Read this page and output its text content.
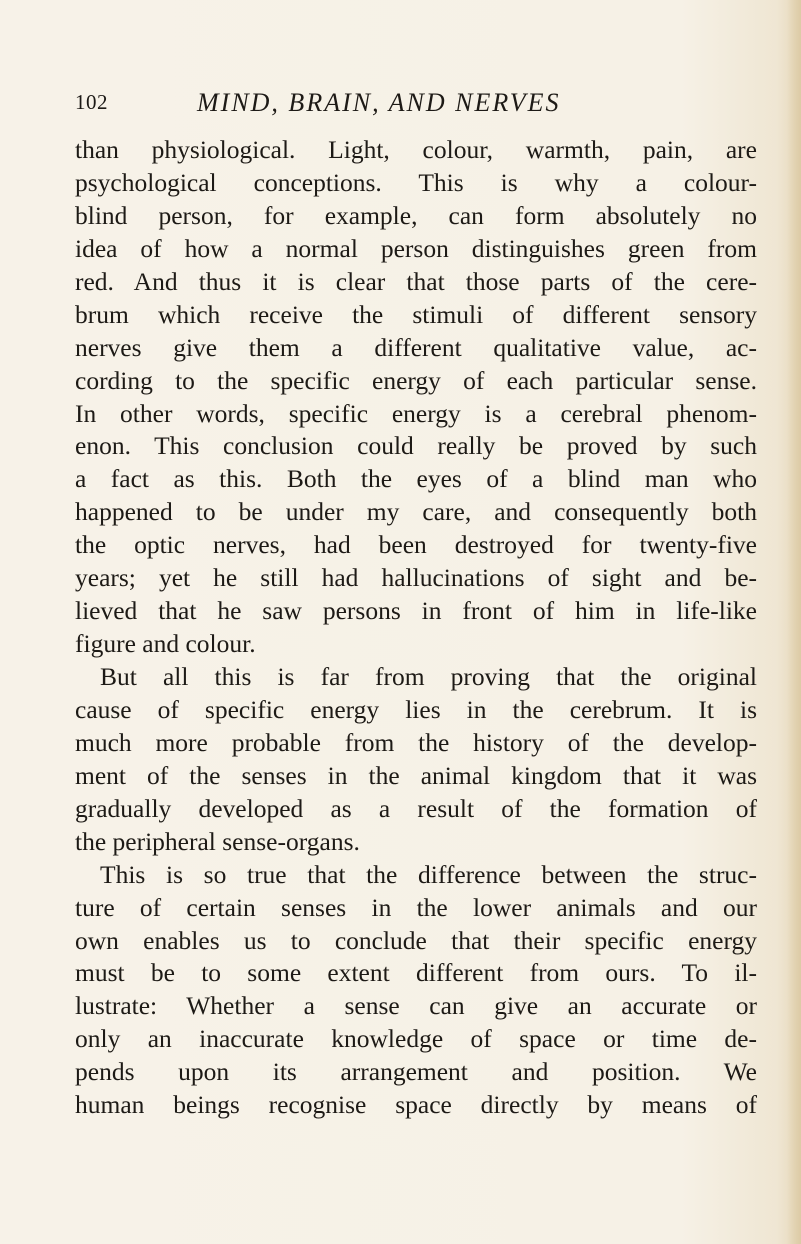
102	MIND, BRAIN, AND NERVES
than physiological. Light, colour, warmth, pain, are
psychological conceptions. This is why a colour-
blind person, for example, can form absolutely no
idea of how a normal person distinguishes green from
red. And thus it is clear that those parts of the cere-
brum which receive the stimuli of different sensory
nerves give them a different qualitative value, ac-
cording to the specific energy of each particular sense.
In other words, specific energy is a cerebral phenom-
enon. This conclusion could really be proved by such
a fact as this. Both the eyes of a blind man who
happened to be under my care, and consequently both
the optic nerves, had been destroyed for twenty-five
years; yet he still had hallucinations of sight and be-
lieved that he saw persons in front of him in life-like
figure and colour.
But all this is far from proving that the original
cause of specific energy lies in the cerebrum. It is
much more probable from the history of the develop-
ment of the senses in the animal kingdom that it was
gradually developed as a result of the formation of
the peripheral sense-organs.
This is so true that the difference between the struc-
ture of certain senses in the lower animals and our
own enables us to conclude that their specific energy
must be to some extent different from ours. To il-
lustrate: Whether a sense can give an accurate or
only an inaccurate knowledge of space or time de-
pends upon its arrangement and position. We
human beings recognise space directly by means of
